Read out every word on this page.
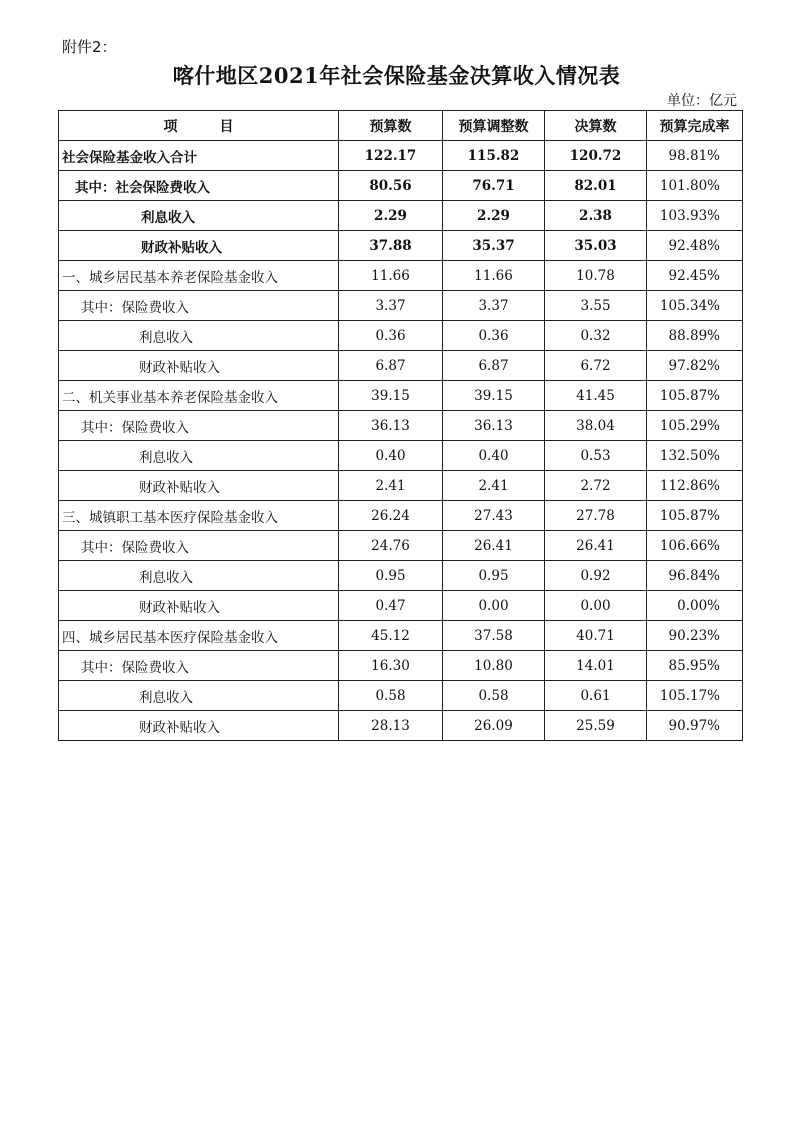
附件2：
喀什地区2021年社会保险基金决算收入情况表
单位：亿元
项　　　目	预算数	预算调整数	决算数	预算完成率
社会保险基金收入合计	122.17	115.82	120.72	98.81%
其中：社会保险费收入	80.56	76.71	82.01	101.80%
利息收入	2.29	2.29	2.38	103.93%
财政补贴收入	37.88	35.37	35.03	92.48%
一、城乡居民基本养老保险基金收入	11.66	11.66	10.78	92.45%
其中：保险费收入	3.37	3.37	3.55	105.34%
利息收入	0.36	0.36	0.32	88.89%
财政补贴收入	6.87	6.87	6.72	97.82%
二、机关事业基本养老保险基金收入	39.15	39.15	41.45	105.87%
其中：保险费收入	36.13	36.13	38.04	105.29%
利息收入	0.40	0.40	0.53	132.50%
财政补贴收入	2.41	2.41	2.72	112.86%
三、城镇职工基本医疗保险基金收入	26.24	27.43	27.78	105.87%
其中：保险费收入	24.76	26.41	26.41	106.66%
利息收入	0.95	0.95	0.92	96.84%
财政补贴收入	0.47	0.00	0.00	0.00%
四、城乡居民基本医疗保险基金收入	45.12	37.58	40.71	90.23%
其中：保险费收入	16.30	10.80	14.01	85.95%
利息收入	0.58	0.58	0.61	105.17%
财政补贴收入	28.13	26.09	25.59	90.97%
